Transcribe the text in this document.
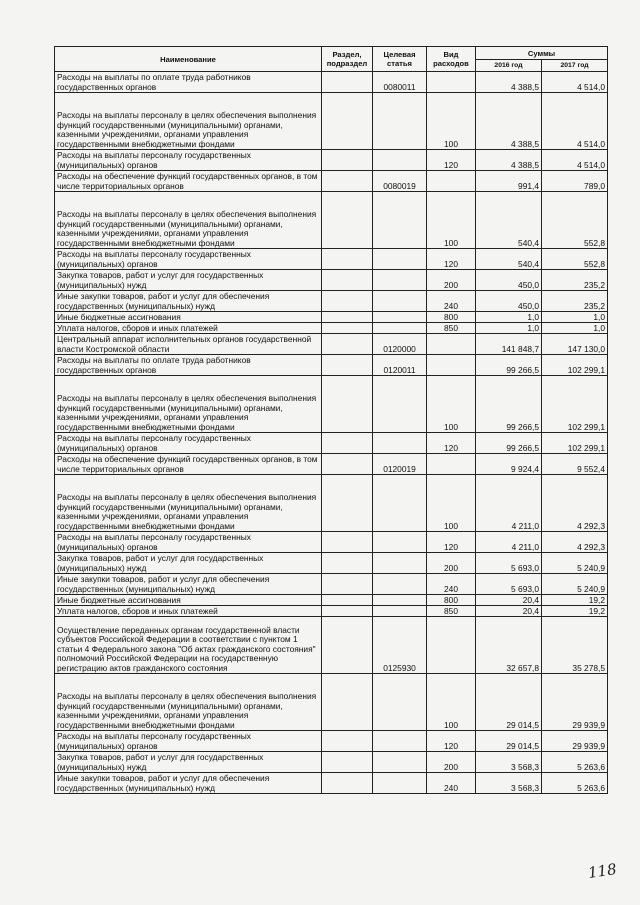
Наименование	Раздел, подраздел	Целевая статья	Вид расходов	Суммы	
				2016 год	2017 год
Расходы на выплаты по оплате труда работников государственных органов		0080011		4 388,5	4 514,0
Расходы на выплаты персоналу в целях обеспечения выполнения функций государственными (муниципальными) органами, казенными учреждениями, органами управления государственными внебюджетными фондами			100	4 388,5	4 514,0
Расходы на выплаты персоналу государственных (муниципальных) органов			120	4 388,5	4 514,0
Расходы на обеспечение функций государственных органов, в том числе территориальных органов		0080019		991,4	789,0
Расходы на выплаты персоналу в целях обеспечения выполнения функций государственными (муниципальными) органами, казенными учреждениями, органами управления государственными внебюджетными фондами			100	540,4	552,8
Расходы на выплаты персоналу государственных (муниципальных) органов			120	540,4	552,8
Закупка товаров, работ и услуг для государственных (муниципальных) нужд			200	450,0	235,2
Иные закупки товаров, работ и услуг для обеспечения государственных (муниципальных) нужд			240	450,0	235,2
Иные бюджетные ассигнования			800	1,0	1,0
Уплата налогов, сборов и иных платежей			850	1,0	1,0
Центральный аппарат исполнительных органов государственной власти Костромской области		0120000		141 848,7	147 130,0
Расходы на выплаты по оплате труда работников государственных органов		0120011		99 266,5	102 299,1
Расходы на выплаты персоналу в целях обеспечения выполнения функций государственными (муниципальными) органами, казенными учреждениями, органами управления государственными внебюджетными фондами			100	99 266,5	102 299,1
Расходы на выплаты персоналу государственных (муниципальных) органов			120	99 266,5	102 299,1
Расходы на обеспечение функций государственных органов, в том числе территориальных органов		0120019		9 924,4	9 552,4
Расходы на выплаты персоналу в целях обеспечения выполнения функций государственными (муниципальными) органами, казенными учреждениями, органами управления государственными внебюджетными фондами			100	4 211,0	4 292,3
Расходы на выплаты персоналу государственных (муниципальных) органов			120	4 211,0	4 292,3
Закупка товаров, работ и услуг для государственных (муниципальных) нужд			200	5 693,0	5 240,9
Иные закупки товаров, работ и услуг для обеспечения государственных (муниципальных) нужд			240	5 693,0	5 240,9
Иные бюджетные ассигнования			800	20,4	19,2
Уплата налогов, сборов и иных платежей			850	20,4	19,2
Осуществление переданных органам государственной власти субъектов Российской Федерации в соответствии с пунктом 1 статьи 4 Федерального закона "Об актах гражданского состояния" полномочий Российской Федерации на государственную регистрацию актов гражданского состояния		0125930		32 657,8	35 278,5
Расходы на выплаты персоналу в целях обеспечения выполнения функций государственными (муниципальными) органами, казенными учреждениями, органами управления государственными внебюджетными фондами			100	29 014,5	29 939,9
Расходы на выплаты персоналу государственных (муниципальных) органов			120	29 014,5	29 939,9
Закупка товаров, работ и услуг для государственных (муниципальных) нужд			200	3 568,3	5 263,6
Иные закупки товаров, работ и услуг для обеспечения государственных (муниципальных) нужд			240	3 568,3	5 263,6
118
